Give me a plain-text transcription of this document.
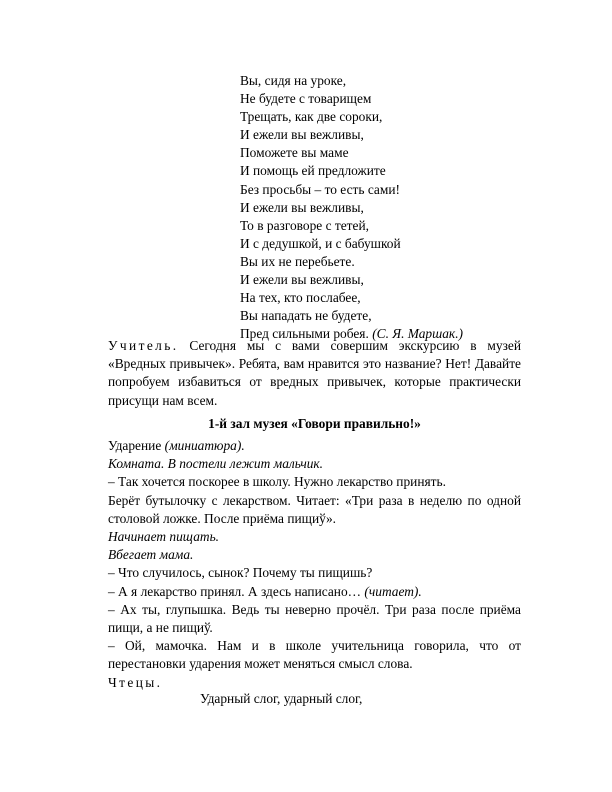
Вы, сидя на уроке,
Не будете с товарищем
Трещать, как две сороки,
И ежели вы вежливы,
Поможете вы маме
И помощь ей предложите
Без просьбы – то есть сами!
И ежели вы вежливы,
То в разговоре с тетей,
И с дедушкой, и с бабушкой
Вы их не перебьете.
И ежели вы вежливы,
На тех, кто послабее,
Вы нападать не будете,
Пред сильными робея. (С. Я. Маршак.)

Учитель. Сегодня мы с вами совершим экскурсию в музей «Вредных привычек». Ребята, вам нравится это название? Нет! Давайте попробуем избавиться от вредных привычек, которые практически присущи нам всем.

1-й зал музея «Говори правильно!»

Ударение (миниатюра).

Комната. В постели лежит мальчик.

– Так хочется поскорее в школу. Нужно лекарство принять.

Берёт бутылочку с лекарством. Читает: «Три раза в неделю по одной столовой ложке. После приёма пищиў».

Начинает пищать.

Вбегает мама.

– Что случилось, сынок? Почему ты пищишь?

– А я лекарство принял. А здесь написано… (читает).

– Ах ты, глупышка. Ведь ты неверно прочёл. Три раза после приёма пищи, а не пищиў.

– Ой, мамочка. Нам и в школе учительница говорила, что от перестановки ударения может меняться смысл слова.

Чтецы.

Ударный слог, ударный слог,
